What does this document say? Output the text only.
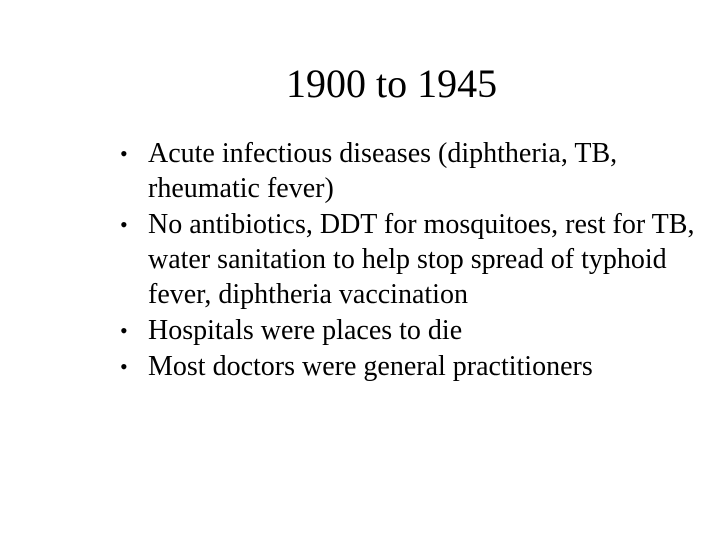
1900 to 1945
• Acute infectious diseases (diphtheria, TB, rheumatic fever)
• No antibiotics, DDT for mosquitoes, rest for TB, water sanitation to help stop spread of typhoid fever, diphtheria vaccination
• Hospitals were places to die
• Most doctors were general practitioners
